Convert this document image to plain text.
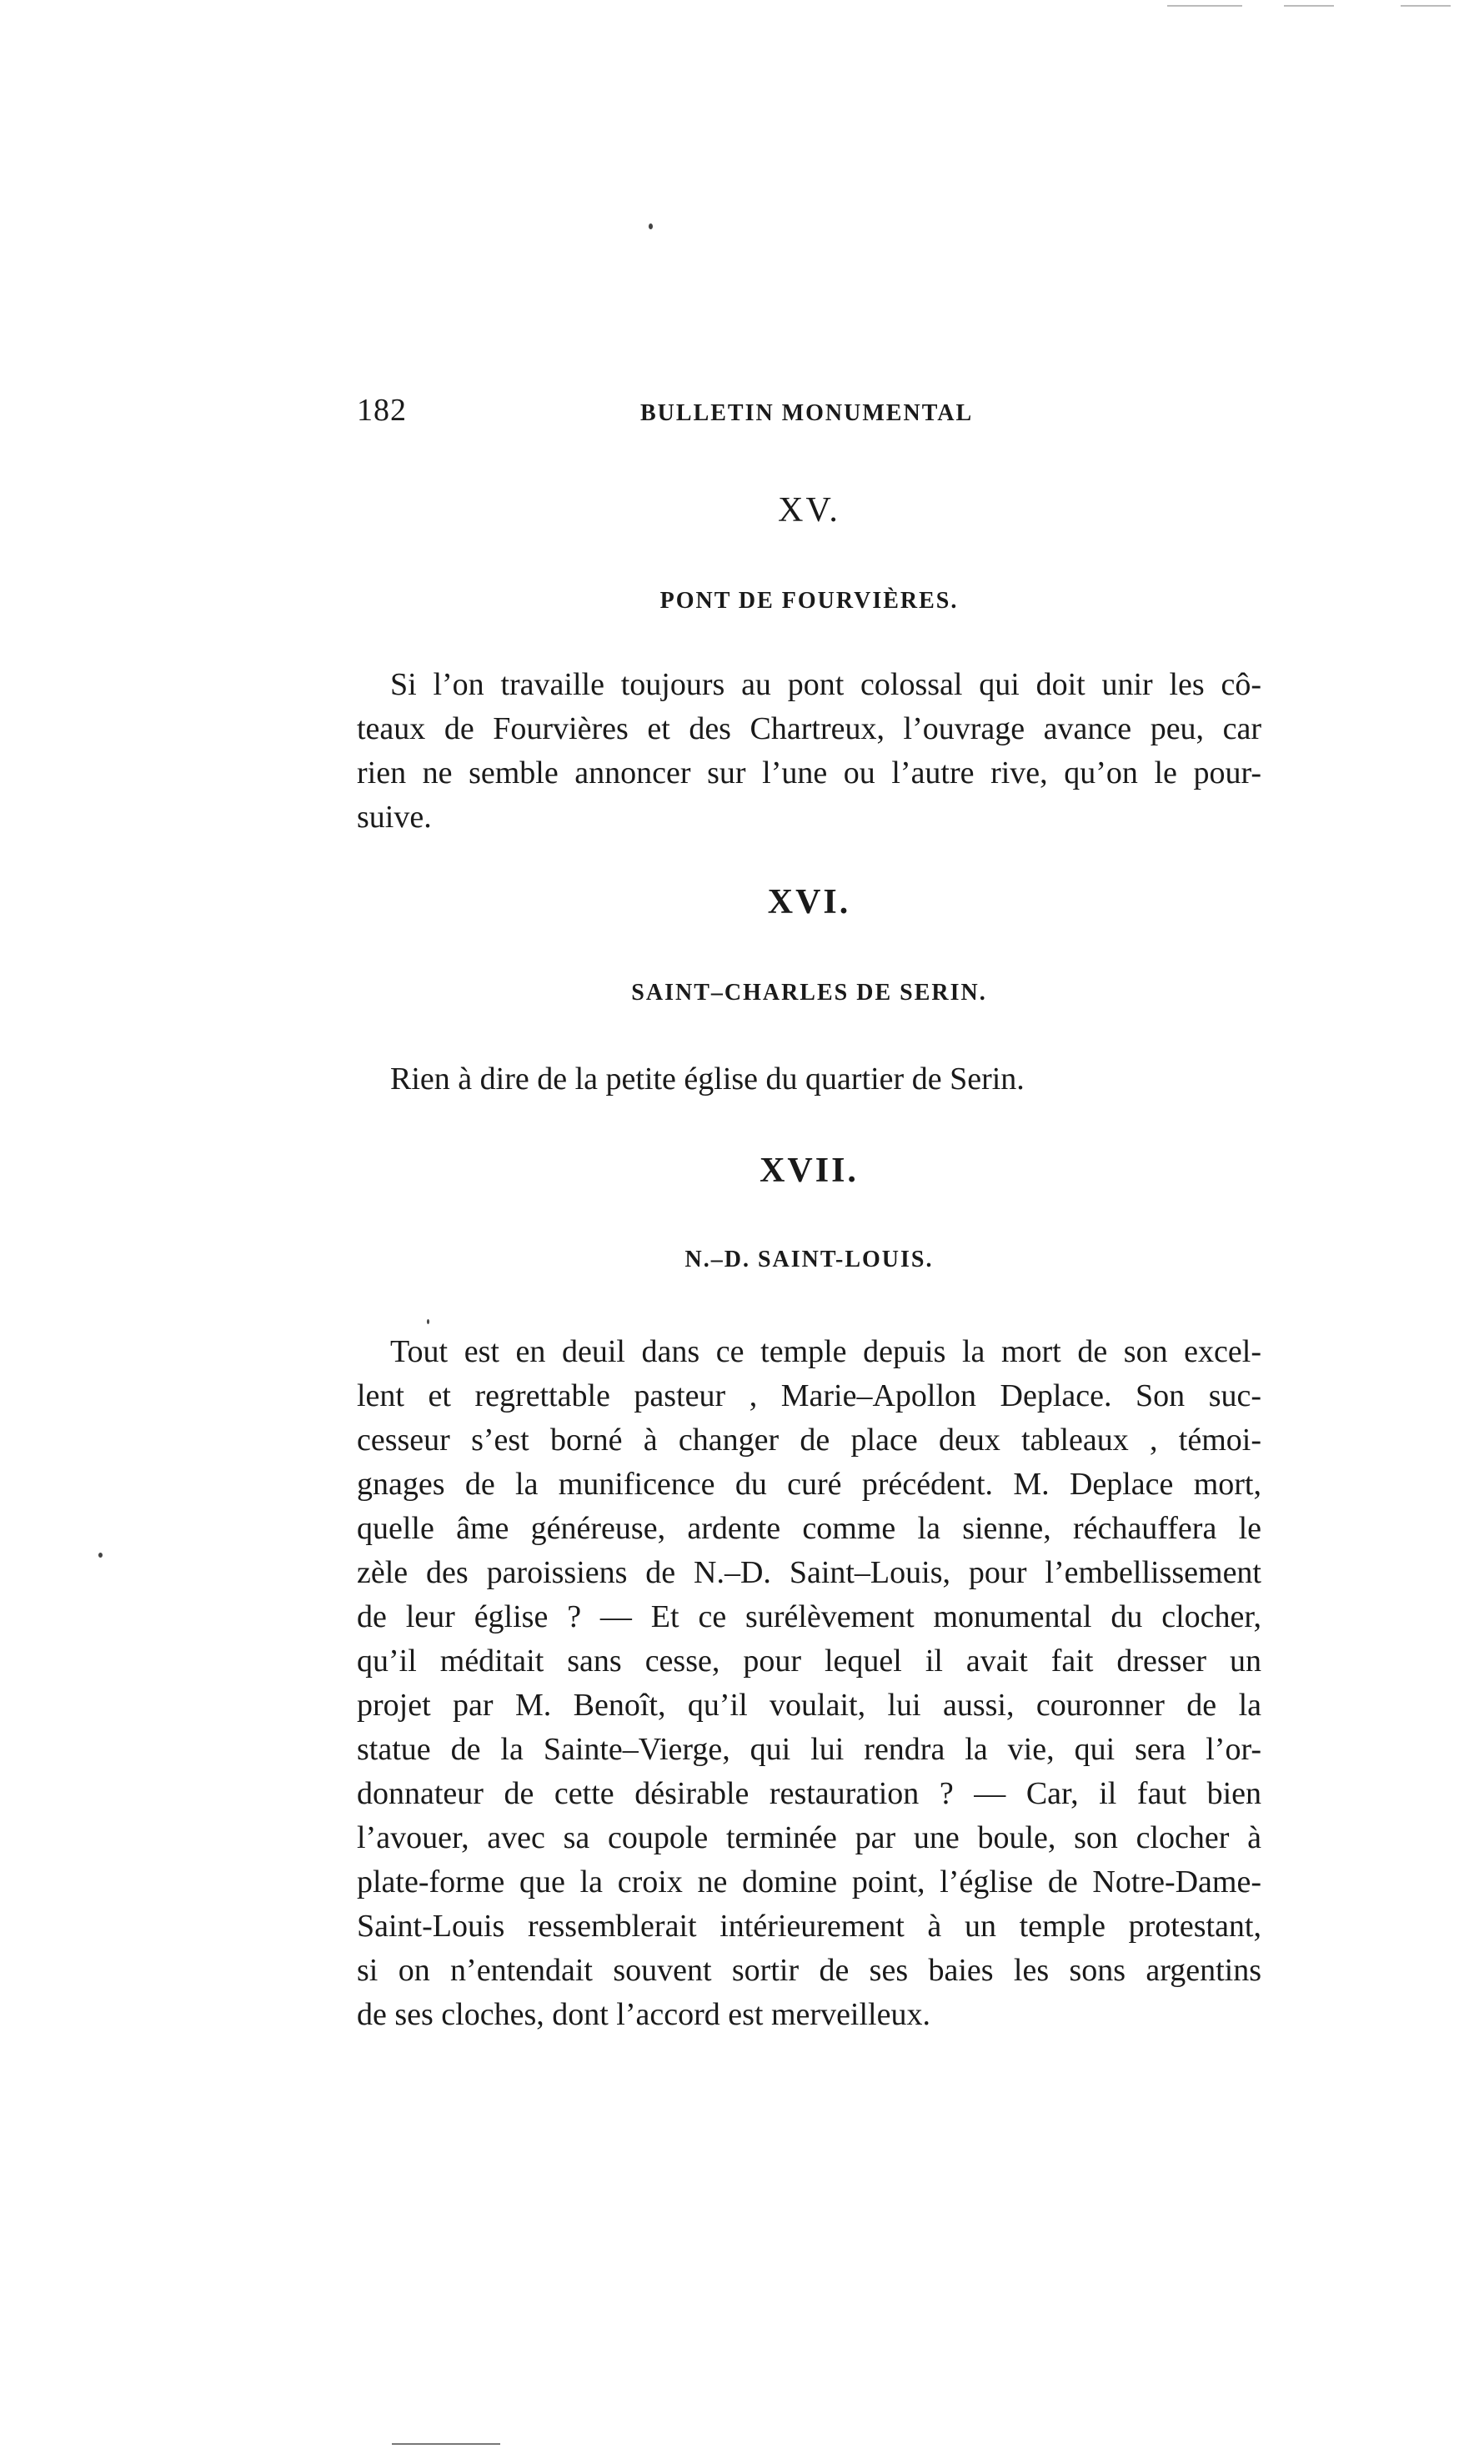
182	BULLETIN MONUMENTAL
XV.
PONT DE FOURVIÈRES.
Si l’on travaille toujours au pont colossal qui doit unir les cô-
teaux de Fourvières et des Chartreux, l’ouvrage avance peu, car
rien ne semble annoncer sur l’une ou l’autre rive, qu’on le pour-
suive.
XVI.
SAINT–CHARLES DE SERIN.
Rien à dire de la petite église du quartier de Serin.
XVII.
N.–D. SAINT-LOUIS.
Tout est en deuil dans ce temple depuis la mort de son excel-
lent et regrettable pasteur , Marie–Apollon Deplace. Son suc-
cesseur s’est borné à changer de place deux tableaux , témoi-
gnages de la munificence du curé précédent. M. Deplace mort,
quelle âme généreuse, ardente comme la sienne, réchauffera le
zèle des paroissiens de N.–D. Saint–Louis, pour l’embellissement
de leur église ? — Et ce surélèvement monumental du clocher,
qu’il méditait sans cesse, pour lequel il avait fait dresser un
projet par M. Benoît, qu’il voulait, lui aussi, couronner de la
statue de la Sainte–Vierge, qui lui rendra la vie, qui sera l’or-
donnateur de cette désirable restauration ? — Car, il faut bien
l’avouer, avec sa coupole terminée par une boule, son clocher à
plate-forme que la croix ne domine point, l’église de Notre-Dame-
Saint-Louis ressemblerait intérieurement à un temple protestant,
si on n’entendait souvent sortir de ses baies les sons argentins
de ses cloches, dont l’accord est merveilleux.
